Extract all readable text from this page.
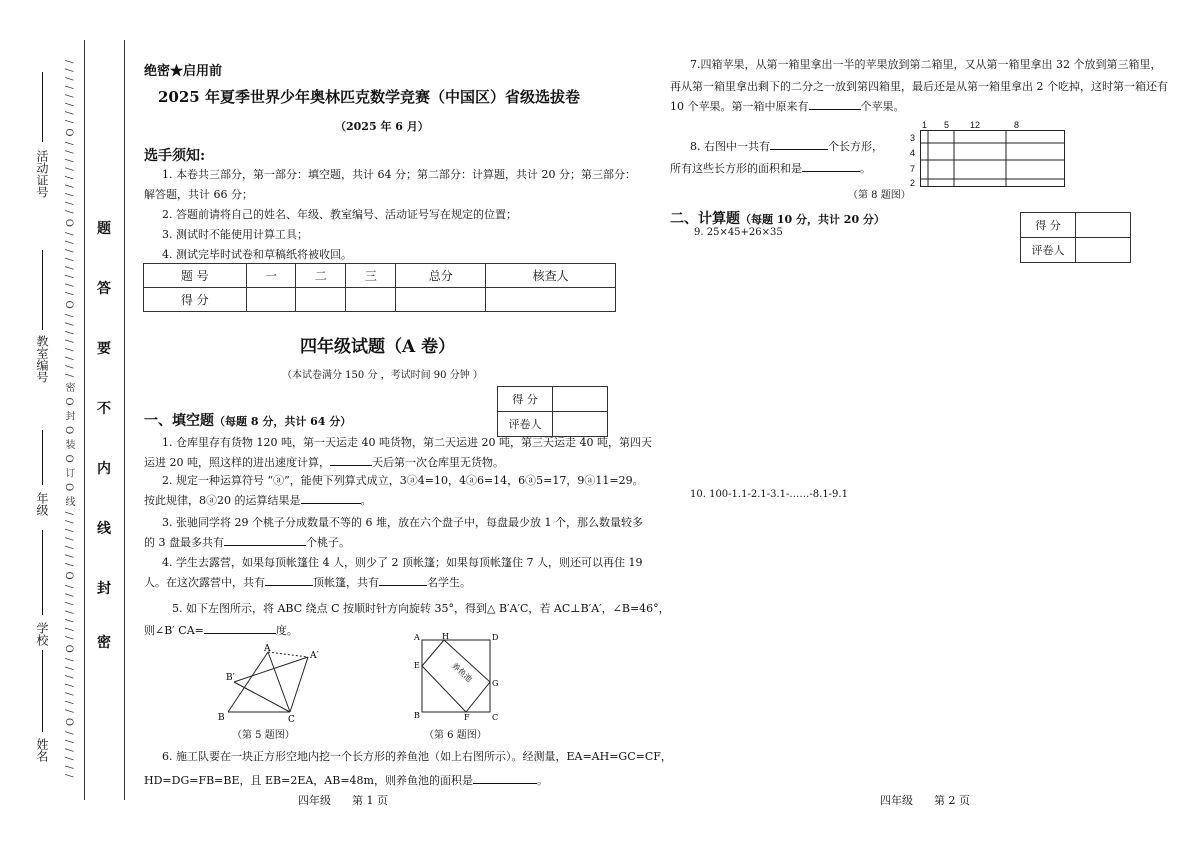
/ / / / / / / / O / / / / / / / / / O / / / / / / / / O / / / / / / / / 密 O 封 O 装 O 订 O 线 / / / / / / / O / / / / / / / O / / / / / / / O / / / / / /
活动证号
教室编号
年级
学校
姓名
题
答
要
不
内
线
封
密
绝密★启用前
2025 年夏季世界少年奥林匹克数学竞赛（中国区）省级选拔卷
（2025 年 6 月）
选手须知:
1. 本卷共三部分，第一部分：填空题，共计 64 分；第二部分：计算题，共计 20 分；第三部分：
解答题，共计 66 分；
2. 答题前请将自己的姓名、年级、教室编号、活动证号写在规定的位置；
3. 测试时不能使用计算工具；
4. 测试完毕时试卷和草稿纸将被收回。
题 号	一	二	三	总分	核查人
得 分					
四年级试题（A 卷）
（本试卷满分 150 分 ，考试时间 90 分钟 ）
得 分	
评卷人	
一、填空题（每题 8 分，共计 64 分）
1. 仓库里存有货物 120 吨，第一天运走 40 吨货物，第二天运进 20 吨，第三天运走 40 吨，第四天
运进 20 吨，照这样的进出速度计算，	天后第一次仓库里无货物。
2. 规定一种运算符号 “ⓐ”，能使下列算式成立，3ⓐ4=10，4ⓐ6=14，6ⓐ5=17，9ⓐ11=29。
按此规律，8ⓐ20 的运算结果是	。
3. 张驰同学将 29 个桃子分成数量不等的 6 堆，放在六个盘子中，每盘最少放 1 个，那么数量较多
的 3 盘最多共有	个桃子。
4. 学生去露营，如果每顶帐篷住 4 人，则少了 2 顶帐篷；如果每顶帐篷住 7 人，则还可以再住 19
人。在这次露营中，共有	顶帐篷，共有	名学生。
5. 如下左图所示，将 ABC 绕点 C 按顺时针方向旋转 35°，得到△ B′A′C，若 AC⊥B′A′，∠B=46°，
则∠B′ CA=	度。
A
A′
B′
B	C
（第 5 题图）
A	H	D
E
G
B	F	C
养鱼池
（第 6 题图）
6. 施工队要在一块正方形空地内挖一个长方形的养鱼池（如上右图所示）。经测量，EA=AH=GC=CF，
HD=DG=FB=BE，且 EB=2EA，AB=48m，则养鱼池的面积是	。
四年级      第 1 页
7.四箱苹果，从第一箱里拿出一半的苹果放到第二箱里，又从第一箱里拿出 32 个放到第三箱里，
再从第一箱里拿出剩下的二分之一放到第四箱里，最后还是从第一箱里拿出 2 个吃掉，这时第一箱还有
10 个苹果。第一箱中原来有	个苹果。
8. 右图中一共有	个长方形，
所有这些长方形的面积和是	。
1 5 12	8
3
4
7
2
（第 8 题图）
二、计算题（每题 10 分，共计 20 分）	得 分	
评卷人	
9. 25×45+26×35
10. 100-1.1-2.1-3.1-……-8.1-9.1
四年级      第 2 页
